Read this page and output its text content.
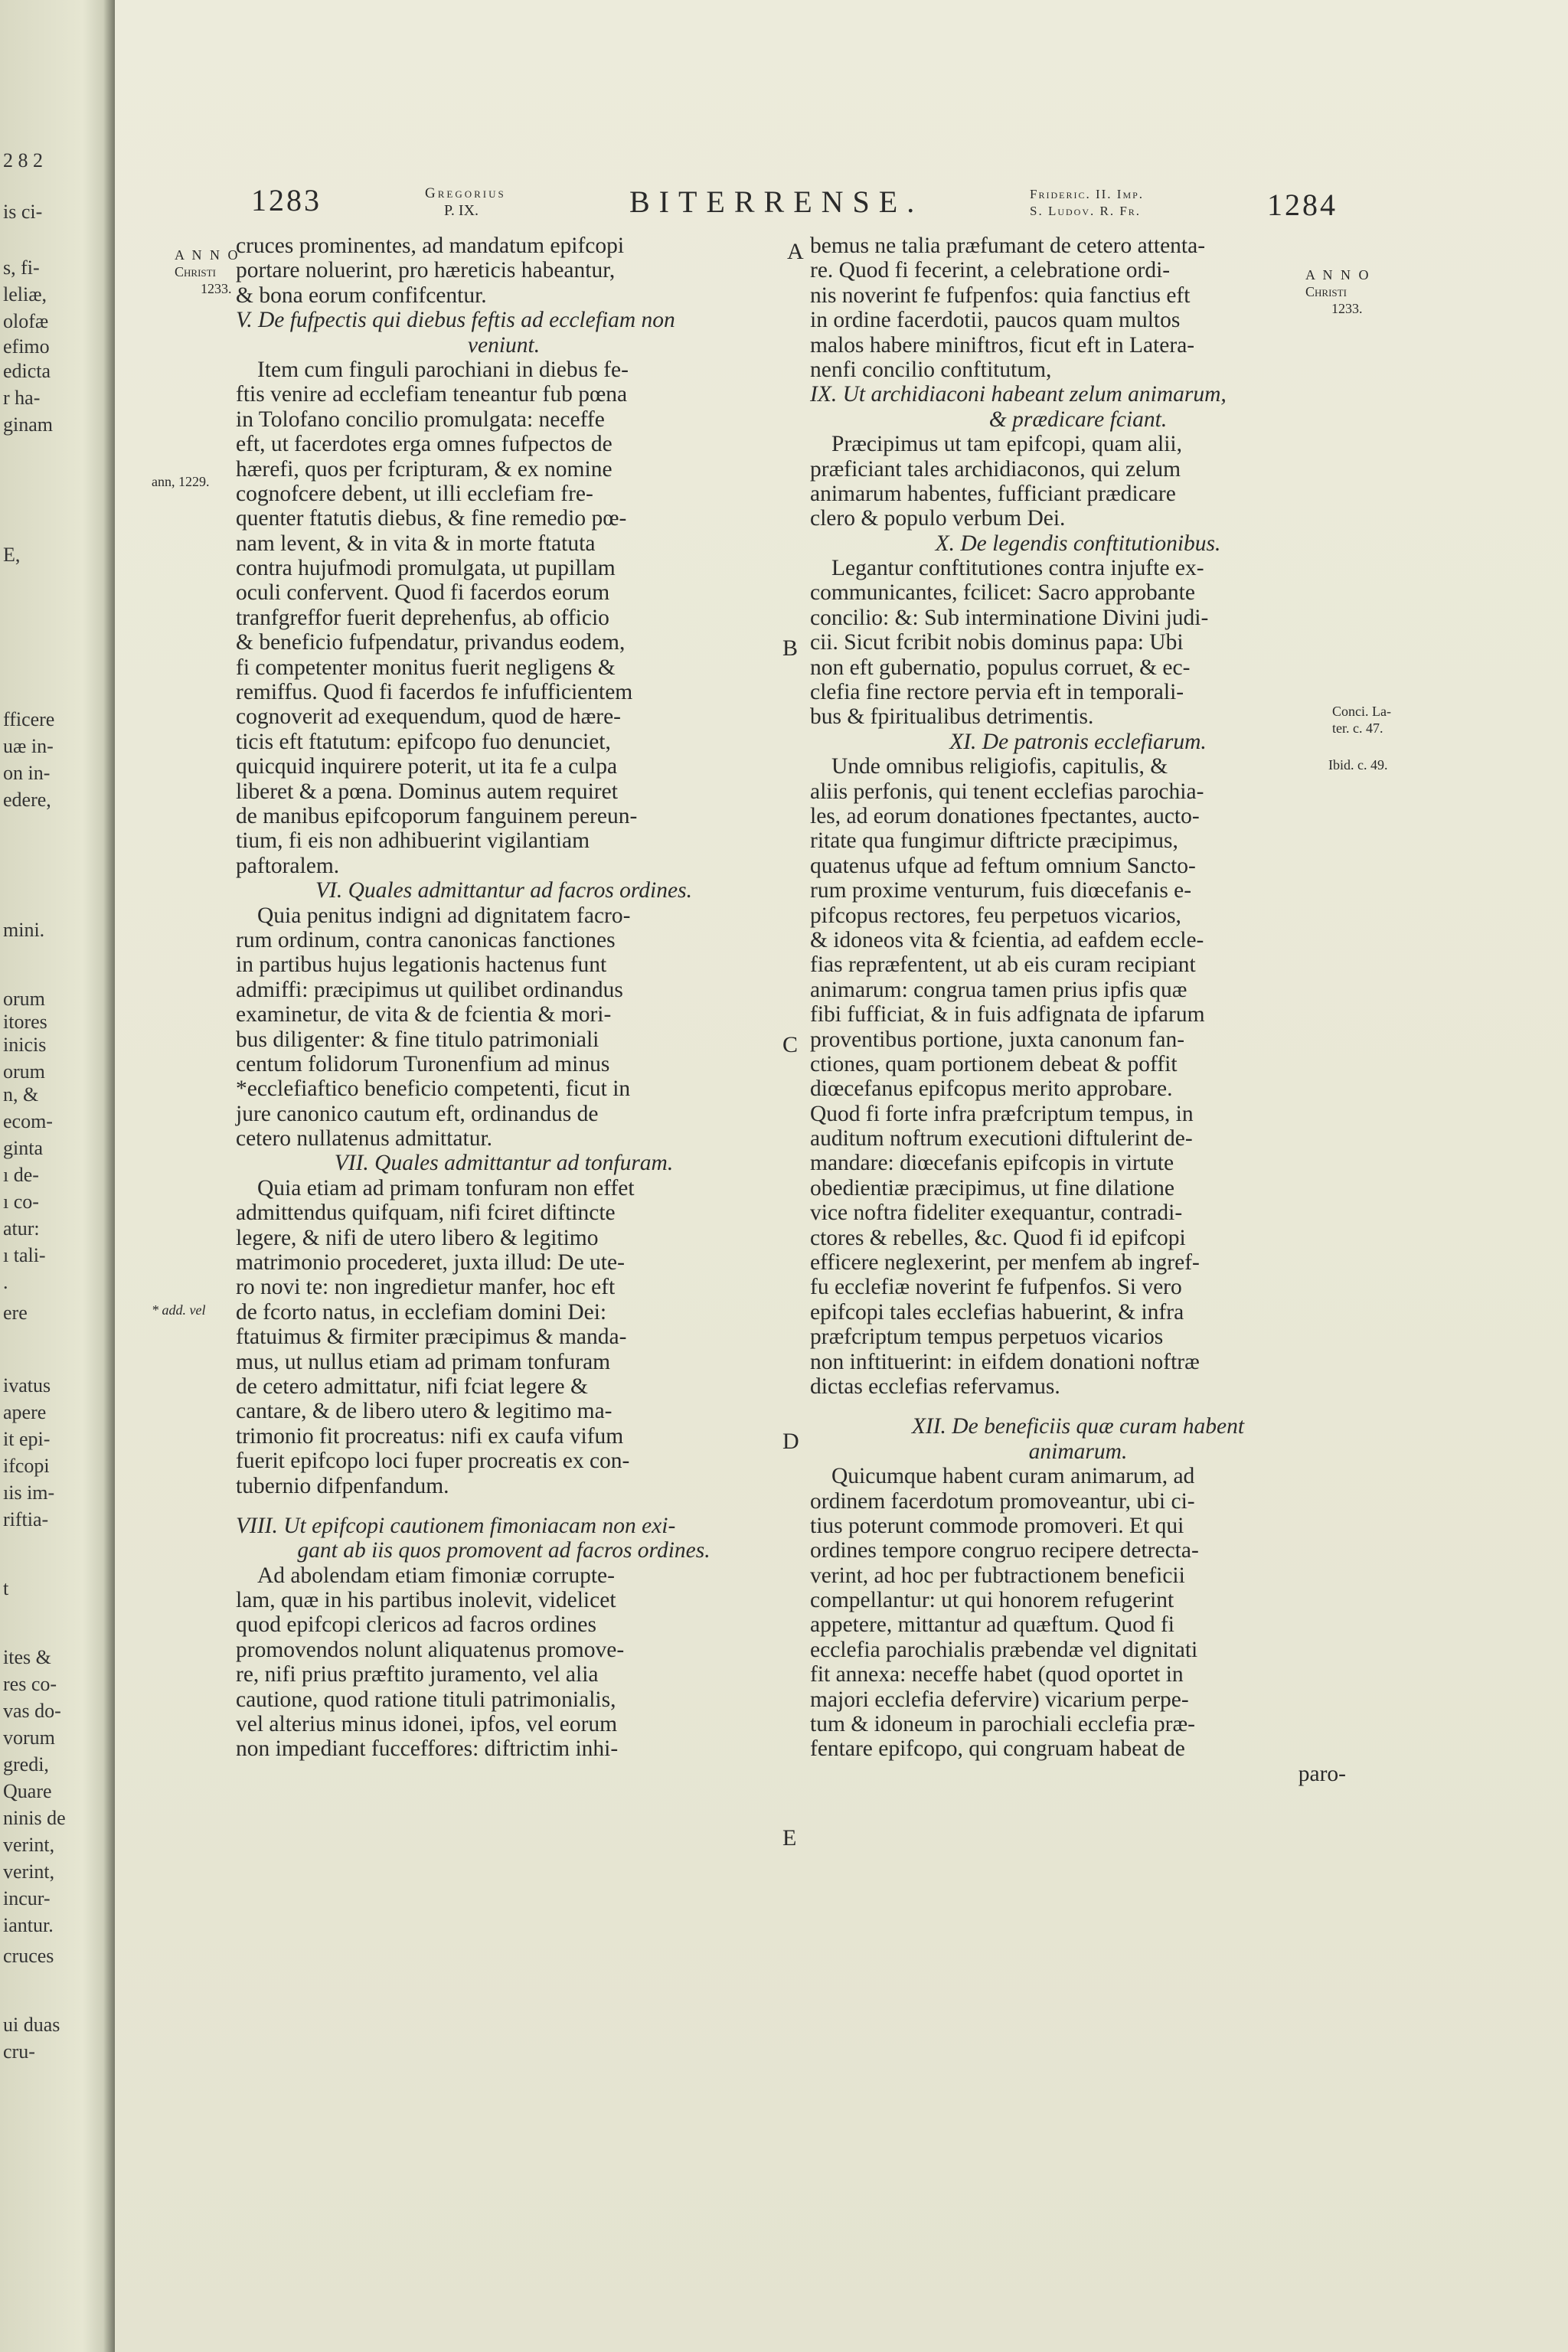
2 8 2
is ci-
s, fi-
leliæ,
olofæ
efimo
edicta
r ha-
ginam
E,
fficere
uæ in-
on in-
edere,
mini.
orum
itores
inicis
orum
n, &
ecom-
ginta
ı de-
ı co-
atur:
ı tali-
.
ere
ivatus
apere
it epi-
ifcopi
ıis im-
riftia-
t
ites &
res co-
vas do-
vorum
gredi,
Quare
ninis de
verint,
verint,
incur-
iantur.
cruces
ui duas
cru-
1283	Gregorius
P. IX.	BITERRENSE.	Frideric. II. Imp.
S. Ludov. R. Fr.	1284
A N N O
Christi
1233.
ann, 1229.
* add. vel
A N N O
Christi
1233.
Conci. La-
ter. c. 47.
Ibid. c. 49.
A
B
C
D
E
cruces prominentes, ad mandatum epifcopi
portare noluerint, pro hæreticis habeantur,
& bona eorum confifcentur.
V. De fufpectis qui diebus feftis ad ecclefiam non
veniunt.
Item cum finguli parochiani in diebus fe-
ftis venire ad ecclefiam teneantur fub pœna
in Tolofano concilio promulgata: neceffe
eft, ut facerdotes erga omnes fufpectos de
hærefi, quos per fcripturam, & ex nomine
cognofcere debent, ut illi ecclefiam fre-
quenter ftatutis diebus, & fine remedio pœ-
nam levent, & in vita & in morte ftatuta
contra hujufmodi promulgata, ut pupillam
oculi confervent. Quod fi facerdos eorum
tranfgreffor fuerit deprehenfus, ab officio
& beneficio fufpendatur, privandus eodem,
fi competenter monitus fuerit negligens &
remiffus. Quod fi facerdos fe infufficientem
cognoverit ad exequendum, quod de hære-
ticis eft ftatutum: epifcopo fuo denunciet,
quicquid inquirere poterit, ut ita fe a culpa
liberet & a pœna. Dominus autem requiret
de manibus epifcoporum fanguinem pereun-
tium, fi eis non adhibuerint vigilantiam
paftoralem.
VI. Quales admittantur ad facros ordines.
Quia penitus indigni ad dignitatem facro-
rum ordinum, contra canonicas fanctiones
in partibus hujus legationis hactenus funt
admiffi: præcipimus ut quilibet ordinandus
examinetur, de vita & de fcientia & mori-
bus diligenter: & fine titulo patrimoniali
centum folidorum Turonenfium ad minus
*ecclefiaftico beneficio competenti, ficut in
jure canonico cautum eft, ordinandus de
cetero nullatenus admittatur.
VII. Quales admittantur ad tonfuram.
Quia etiam ad primam tonfuram non effet
admittendus quifquam, nifi fciret diftincte
legere, & nifi de utero libero & legitimo
matrimonio procederet, juxta illud: De ute-
ro novi te: non ingredietur manfer, hoc eft
de fcorto natus, in ecclefiam domini Dei:
ftatuimus & firmiter præcipimus & manda-
mus, ut nullus etiam ad primam tonfuram
de cetero admittatur, nifi fciat legere &
cantare, & de libero utero & legitimo ma-
trimonio fit procreatus: nifi ex caufa vifum
fuerit epifcopo loci fuper procreatis ex con-
tubernio difpenfandum.
VIII. Ut epifcopi cautionem fimoniacam non exi-
gant ab iis quos promovent ad facros ordines.
Ad abolendam etiam fimoniæ corrupte-
lam, quæ in his partibus inolevit, videlicet
quod epifcopi clericos ad facros ordines
promovendos nolunt aliquatenus promove-
re, nifi prius præftito juramento, vel alia
cautione, quod ratione tituli patrimonialis,
vel alterius minus idonei, ipfos, vel eorum
non impediant fucceffores: diftrictim inhi-
bemus ne talia præfumant de cetero attenta-
re. Quod fi fecerint, a celebratione ordi-
nis noverint fe fufpenfos: quia fanctius eft
in ordine facerdotii, paucos quam multos
malos habere miniftros, ficut eft in Latera-
nenfi concilio conftitutum,
IX. Ut archidiaconi habeant zelum animarum,
& prædicare fciant.
Præcipimus ut tam epifcopi, quam alii,
præficiant tales archidiaconos, qui zelum
animarum habentes, fufficiant prædicare
clero & populo verbum Dei.
X. De legendis conftitutionibus.
Legantur conftitutiones contra injufte ex-
communicantes, fcilicet: Sacro approbante
concilio: &: Sub interminatione Divini judi-
cii. Sicut fcribit nobis dominus papa: Ubi
non eft gubernatio, populus corruet, & ec-
clefia fine rectore pervia eft in temporali-
bus & fpiritualibus detrimentis.
XI. De patronis ecclefiarum.
Unde omnibus religiofis, capitulis, &
aliis perfonis, qui tenent ecclefias parochia-
les, ad eorum donationes fpectantes, aucto-
ritate qua fungimur diftricte præcipimus,
quatenus ufque ad feftum omnium Sancto-
rum proxime venturum, fuis diœcefanis e-
pifcopus rectores, feu perpetuos vicarios,
& idoneos vita & fcientia, ad eafdem eccle-
fias repræfentent, ut ab eis curam recipiant
animarum: congrua tamen prius ipfis quæ
fibi fufficiat, & in fuis adfignata de ipfarum
proventibus portione, juxta canonum fan-
ctiones, quam portionem debeat & poffit
diœcefanus epifcopus merito approbare.
Quod fi forte infra præfcriptum tempus, in
auditum noftrum executioni diftulerint de-
mandare: diœcefanis epifcopis in virtute
obedientiæ præcipimus, ut fine dilatione
vice noftra fideliter exequantur, contradi-
ctores & rebelles, &c. Quod fi id epifcopi
efficere neglexerint, per menfem ab ingref-
fu ecclefiæ noverint fe fufpenfos. Si vero
epifcopi tales ecclefias habuerint, & infra
præfcriptum tempus perpetuos vicarios
non inftituerint: in eifdem donationi noftræ
dictas ecclefias refervamus.
XII. De beneficiis quæ curam habent
animarum.
Quicumque habent curam animarum, ad
ordinem facerdotum promoveantur, ubi ci-
tius poterunt commode promoveri. Et qui
ordines tempore congruo recipere detrecta-
verint, ad hoc per fubtractionem beneficii
compellantur: ut qui honorem refugerint
appetere, mittantur ad quæftum. Quod fi
ecclefia parochialis præbendæ vel dignitati
fit annexa: neceffe habet (quod oportet in
majori ecclefia defervire) vicarium perpe-
tum & idoneum in parochiali ecclefia præ-
fentare epifcopo, qui congruam habeat de
paro-
